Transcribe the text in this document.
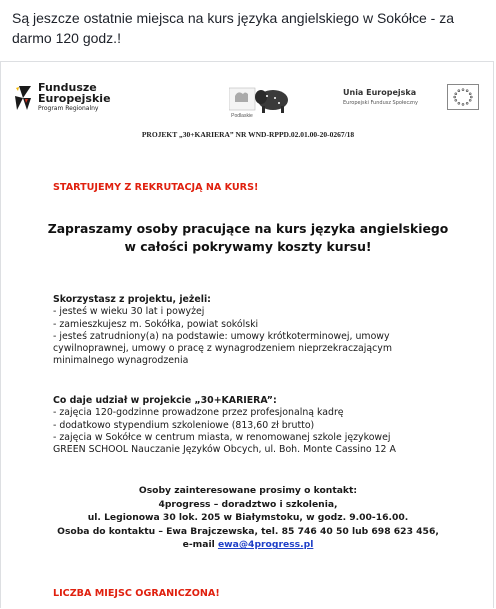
Są jeszcze ostatnie miejsca na kurs języka angielskiego w Sokółce - za darmo 120 godz.!
Fundusze
Europejskie
Program Regionalny
Podlaskie
Unia Europejska
Europejski Fundusz Społeczny
PROJEKT „30+KARIERA” NR WND-RPPD.02.01.00-20-0267/18
STARTUJEMY Z REKRUTACJĄ NA KURS!
Zapraszamy osoby pracujące na kurs języka angielskiego
w całości pokrywamy koszty kursu!
Skorzystasz z projektu, jeżeli:
- jesteś w wieku 30 lat i powyżej
- zamieszkujesz m. Sokółka, powiat sokólski
- jesteś zatrudniony(a) na podstawie: umowy krótkoterminowej, umowy
cywilnoprawnej, umowy o pracę z wynagrodzeniem nieprzekraczającym
minimalnego wynagrodzenia
Co daje udział w projekcie „30+KARIERA”:
- zajęcia 120-godzinne prowadzone przez profesjonalną kadrę
- dodatkowo stypendium szkoleniowe (813,60 zł brutto)
- zajęcia w Sokółce w centrum miasta, w renomowanej szkole językowej
GREEN SCHOOL Nauczanie Języków Obcych, ul. Boh. Monte Cassino 12 A
Osoby zainteresowane prosimy o kontakt:
4progress – doradztwo i szkolenia,
ul. Legionowa 30 lok. 205 w Białymstoku, w godz. 9.00-16.00.
Osoba do kontaktu – Ewa Brajczewska, tel. 85 746 40 50 lub 698 623 456,
e-mail ewa@4progress.pl
LICZBA MIEJSC OGRANICZONA!
